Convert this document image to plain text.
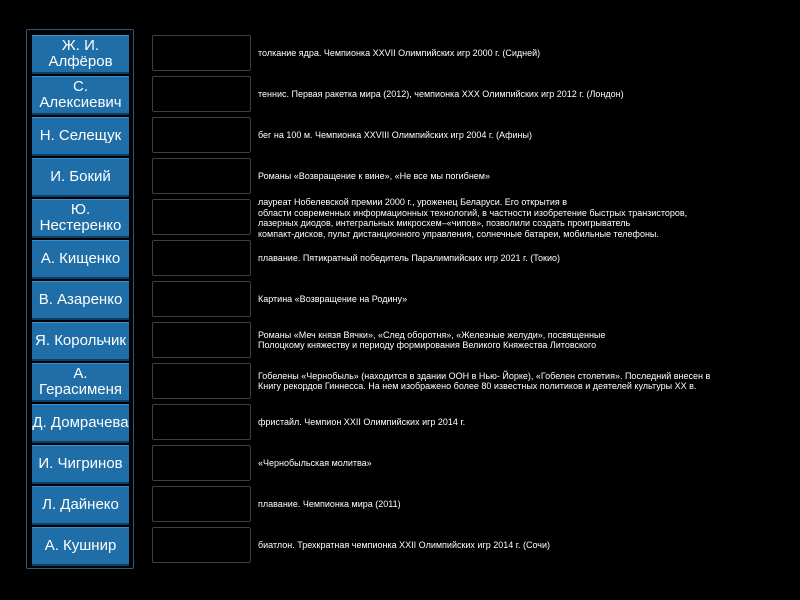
Ж. И. Алфёров
С. Алексиевич
Н. Селещук
И. Бокий
Ю. Нестеренко
А. Кищенко
В. Азаренко
Я. Корольчик
А. Герасименя
Д. Домрачева
И. Чигринов
Л. Дайнеко
А. Кушнир
толкание ядра. Чемпионка XXVII Олимпийских игр 2000 г. (Сидней)
теннис. Первая ракетка мира (2012), чемпионка XXX Олимпийских игр 2012 г. (Лондон)
бег на 100 м. Чемпионка XXVIII Олимпийских игр 2004 г. (Афины)
Романы «Возвращение к вине», «Не все мы погибнем»
лауреат Нобелевской премии 2000 г., уроженец Беларуси. Его открытия в
области современных информационных технологий, в частности изобретение быстрых транзисторов,
лазерных диодов, интегральных микросхем–«чипов», позволили создать проигрыватель
компакт-дисков, пульт дистанционного управления, солнечные батареи, мобильные телефоны.
плавание. Пятикратный победитель Паралимпийских игр 2021 г. (Токио)
Картина «Возвращение на Родину»
Романы «Меч князя Вячки», «След оборотня», «Железные желуди», посвященные
Полоцкому княжеству и периоду формирования Великого Княжества Литовского
Гобелены «Чернобыль» (находится в здании ООН в Нью- Йорке), «Гобелен столетия». Последний внесен в
Книгу рекордов Гиннесса. На нем изображено более 80 известных политиков и деятелей культуры XX в.
фристайл. Чемпион XXII Олимпийских игр 2014 г.
«Чернобыльская молитва»
плавание. Чемпионка мира (2011)
биатлон. Трехкратная чемпионка XXII Олимпийских игр 2014 г. (Сочи)
